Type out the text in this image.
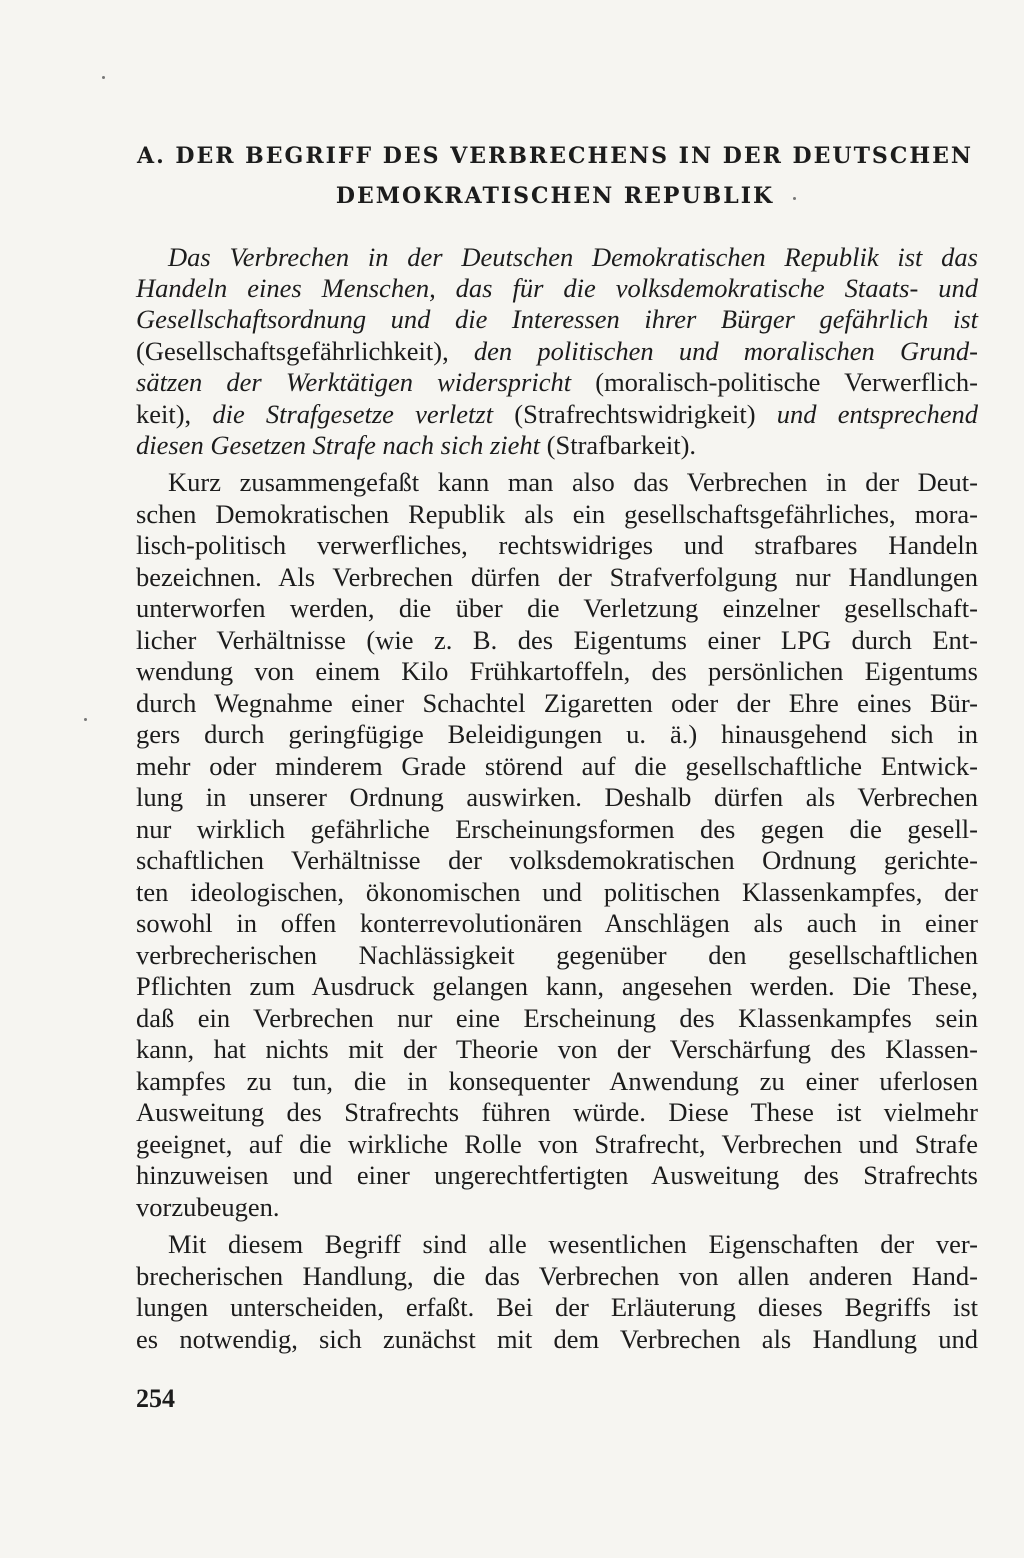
A. DER BEGRIFF DES VERBRECHENS IN DER DEUTSCHEN
DEMOKRATISCHEN REPUBLIK
Das Verbrechen in der Deutschen Demokratischen Republik ist das
Handeln eines Menschen, das für die volksdemokratische Staats- und
Gesellschaftsordnung und die Interessen ihrer Bürger gefährlich ist
(Gesellschaftsgefährlichkeit), den politischen und moralischen Grund-
sätzen der Werktätigen widerspricht (moralisch-politische Verwerflich-
keit), die Strafgesetze verletzt (Strafrechtswidrigkeit) und entsprechend
diesen Gesetzen Strafe nach sich zieht (Strafbarkeit).
Kurz zusammengefaßt kann man also das Verbrechen in der Deut-
schen Demokratischen Republik als ein gesellschaftsgefährliches, mora-
lisch-politisch verwerfliches, rechtswidriges und strafbares Handeln
bezeichnen. Als Verbrechen dürfen der Strafverfolgung nur Handlungen
unterworfen werden, die über die Verletzung einzelner gesellschaft-
licher Verhältnisse (wie z. B. des Eigentums einer LPG durch Ent-
wendung von einem Kilo Frühkartoffeln, des persönlichen Eigentums
durch Wegnahme einer Schachtel Zigaretten oder der Ehre eines Bür-
gers durch geringfügige Beleidigungen u. ä.) hinausgehend sich in
mehr oder minderem Grade störend auf die gesellschaftliche Entwick-
lung in unserer Ordnung auswirken. Deshalb dürfen als Verbrechen
nur wirklich gefährliche Erscheinungsformen des gegen die gesell-
schaftlichen Verhältnisse der volksdemokratischen Ordnung gerichte-
ten ideologischen, ökonomischen und politischen Klassenkampfes, der
sowohl in offen konterrevolutionären Anschlägen als auch in einer
verbrecherischen Nachlässigkeit gegenüber den gesellschaftlichen
Pflichten zum Ausdruck gelangen kann, angesehen werden. Die These,
daß ein Verbrechen nur eine Erscheinung des Klassenkampfes sein
kann, hat nichts mit der Theorie von der Verschärfung des Klassen-
kampfes zu tun, die in konsequenter Anwendung zu einer uferlosen
Ausweitung des Strafrechts führen würde. Diese These ist vielmehr
geeignet, auf die wirkliche Rolle von Strafrecht, Verbrechen und Strafe
hinzuweisen und einer ungerechtfertigten Ausweitung des Strafrechts
vorzubeugen.
Mit diesem Begriff sind alle wesentlichen Eigenschaften der ver-
brecherischen Handlung, die das Verbrechen von allen anderen Hand-
lungen unterscheiden, erfaßt. Bei der Erläuterung dieses Begriffs ist
es notwendig, sich zunächst mit dem Verbrechen als Handlung und
254
